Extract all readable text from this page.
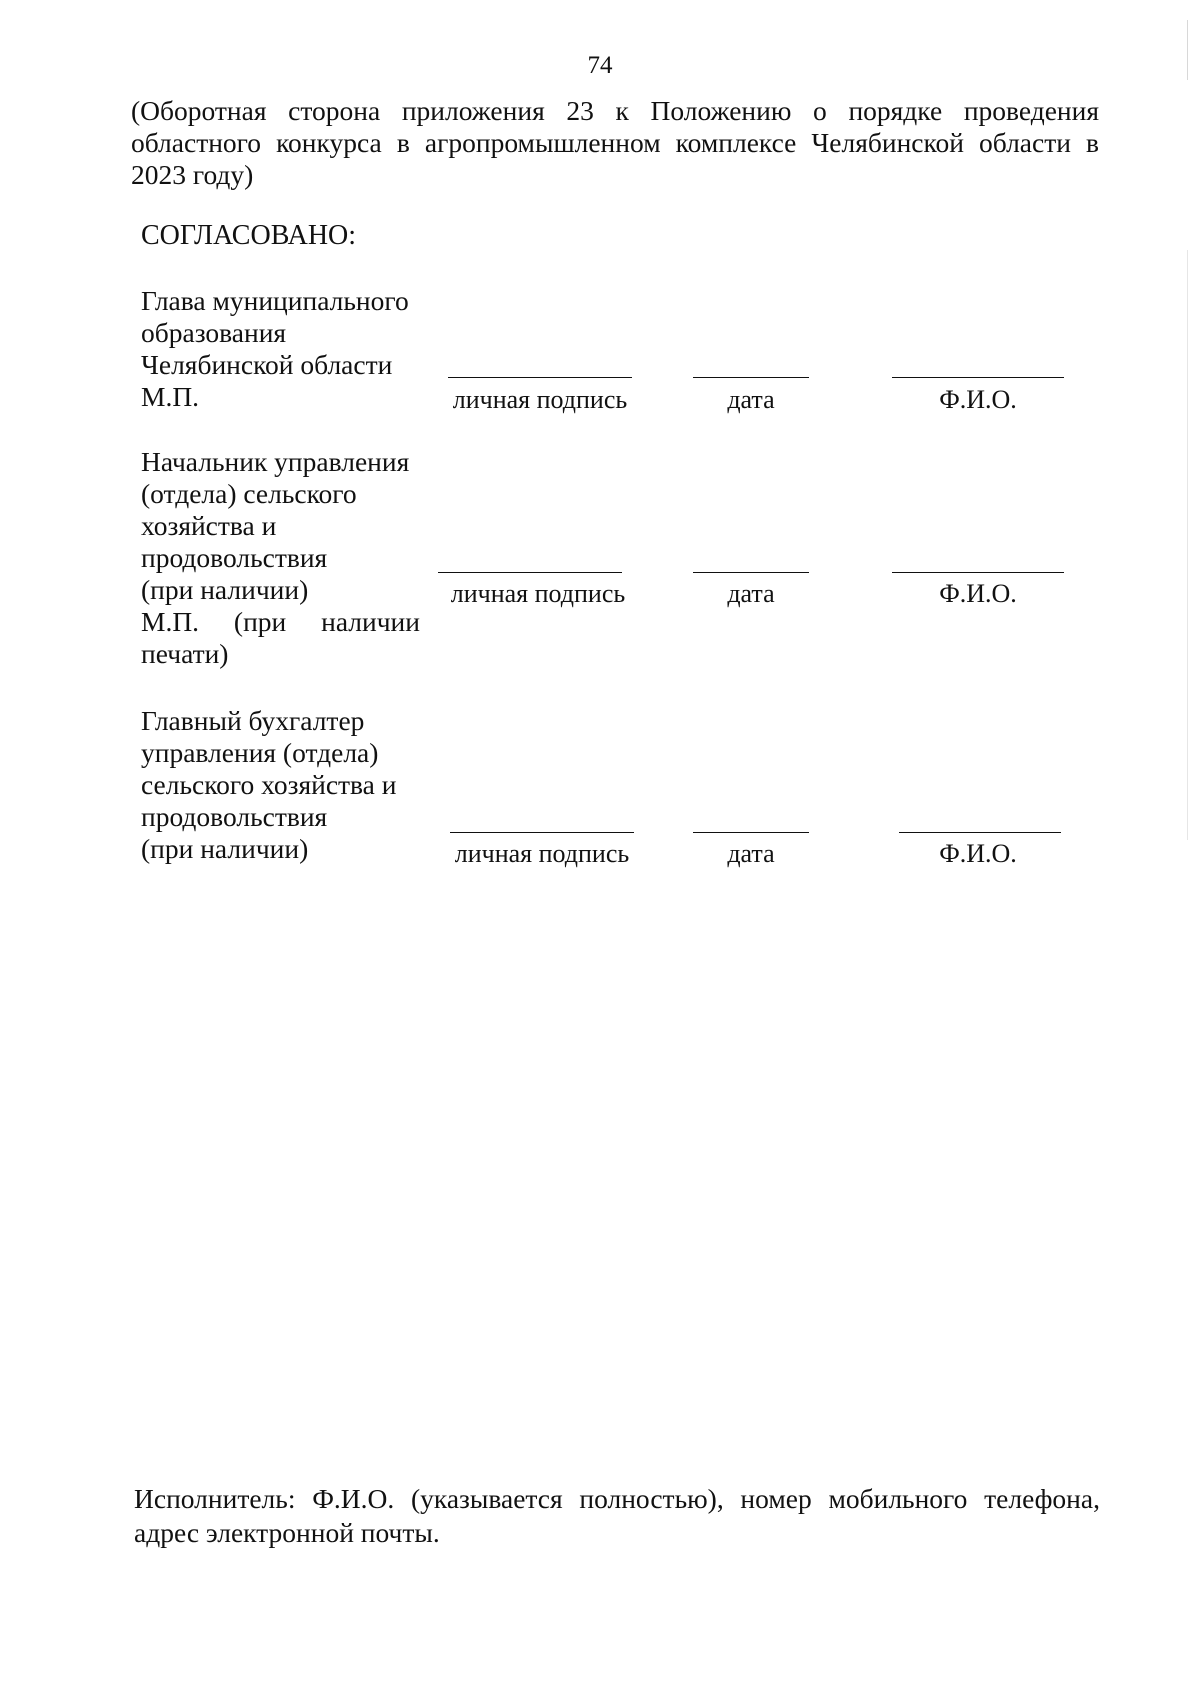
74
(Оборотная сторона приложения 23 к Положению о порядке проведения областного конкурса в агропромышленном комплексе Челябинской области в 2023 году)
СОГЛАСОВАНО:
Глава муниципального
образования
Челябинской области
М.П.	личная подпись	дата	Ф.И.О.
Начальник управления
(отдела) сельского
хозяйства и
продовольствия
(при наличии)
М.П. (при наличии
печати)
личная подпись	дата	Ф.И.О.
Главный бухгалтер
управления (отдела)
сельского хозяйства и
продовольствия
(при наличии)	личная подпись	дата	Ф.И.О.
Исполнитель: Ф.И.О. (указывается полностью), номер мобильного телефона, адрес электронной почты.
